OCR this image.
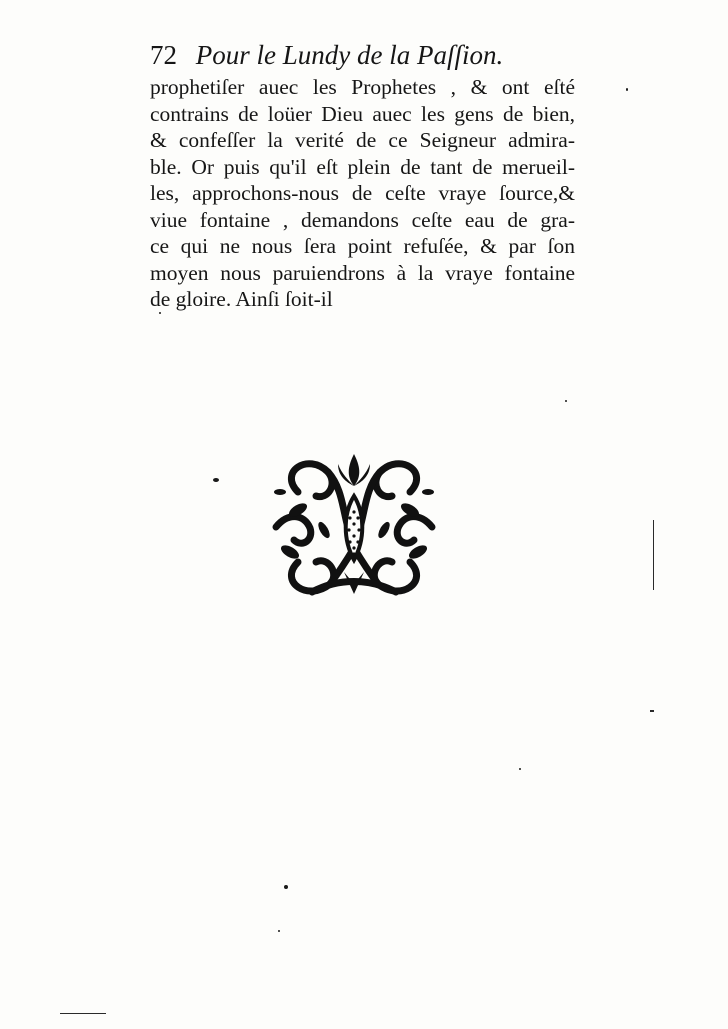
72 Pour le Lundy de la Paſſion.
prophetiſer auec les Prophetes , & ont eſté
contrains de loüer Dieu auec les gens de bien,
& confeſſer la verité de ce Seigneur admira-
ble. Or puis qu'il eſt plein de tant de merueil-
les, approchons-nous de ceſte vraye ſource,&
viue fontaine , demandons ceſte eau de gra-
ce qui ne nous ſera point refuſée, & par ſon
moyen nous paruiendrons à la vraye fontaine
de gloire. Ainſi ſoit-il
